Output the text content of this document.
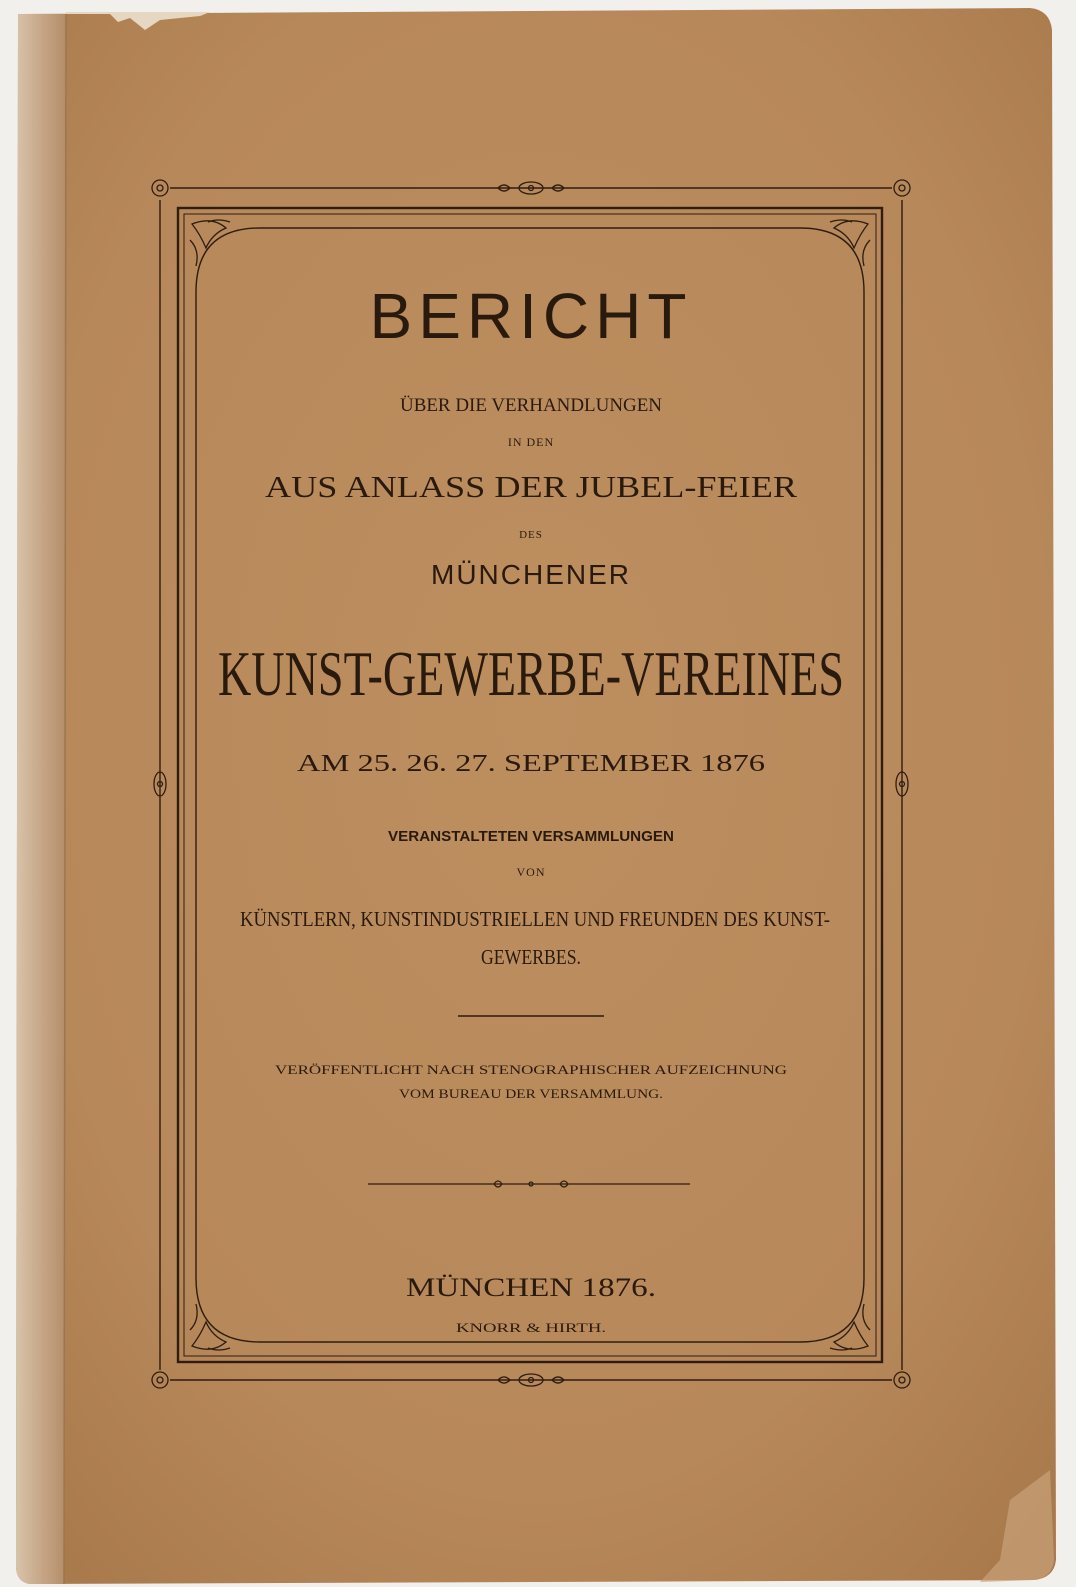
BERICHT
ÜBER DIE VERHANDLUNGEN
IN DEN
AUS ANLASS DER JUBEL-FEIER
DES
MÜNCHENER
KUNST-GEWERBE-VEREINES
AM 25. 26. 27. SEPTEMBER 1876
VERANSTALTETEN VERSAMMLUNGEN
VON
KÜNSTLERN, KUNSTINDUSTRIELLEN UND FREUNDEN DES KUNST-
GEWERBES.
VERÖFFENTLICHT NACH STENOGRAPHISCHER AUFZEICHNUNG
VOM BUREAU DER VERSAMMLUNG.
MÜNCHEN 1876.
KNORR & HIRTH.
